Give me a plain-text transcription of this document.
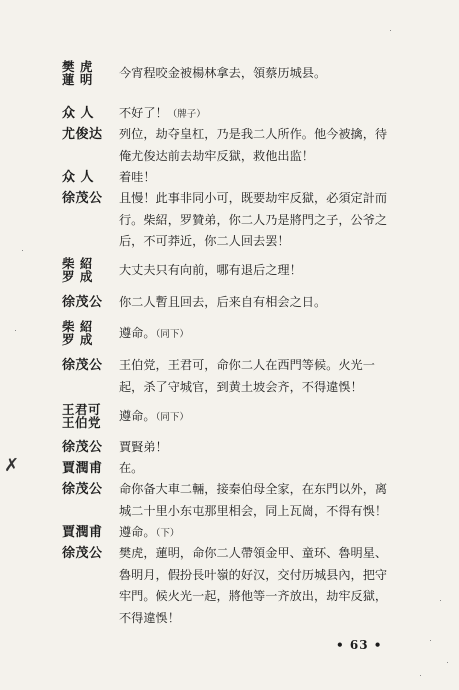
樊 虎
蓮 明	今宵程咬金被楊林拿去，領蔡历城县。
众 人	不好了！（牌子）
尤俊达	列位，劫夺皇杠，乃是我二人所作。他今被擒，待
俺尤俊达前去劫牢反獄，救他出监！
众 人	着哇！
徐茂公	且慢！此事非同小可，既要劫牢反獄，必須定計而
行。柴紹，罗贊弟，你二人乃是將門之子，公爷之
后，不可莽近，你二人回去罢！
柴 紹
罗 成	大丈夫只有向前，哪有退后之理！
徐茂公	你二人暫且回去，后来自有相会之日。
柴 紹
罗 成	遵命。（同下）
徐茂公	王伯党，王君可，命你二人在西門等候。火光一
起，杀了守城官，到黄土坡会齐，不得違悞！
王君可
王伯党	遵命。（同下）
徐茂公	賈賢弟！
賈潤甫	在。
徐茂公	命你备大車二輛，接秦伯母全家，在东門以外，离
城二十里小东屯那里相会，同上瓦崗，不得有悞！
賈潤甫	遵命。（下）
徐茂公	樊虎，蓮明，命你二人帶領金甲、童环、魯明星、
魯明月，假扮長叶嶺的好汉，交付历城县內，把守
牢門。候火光一起，將他等一齐放出，劫牢反獄，
不得違悞！
• 63 •
✗
